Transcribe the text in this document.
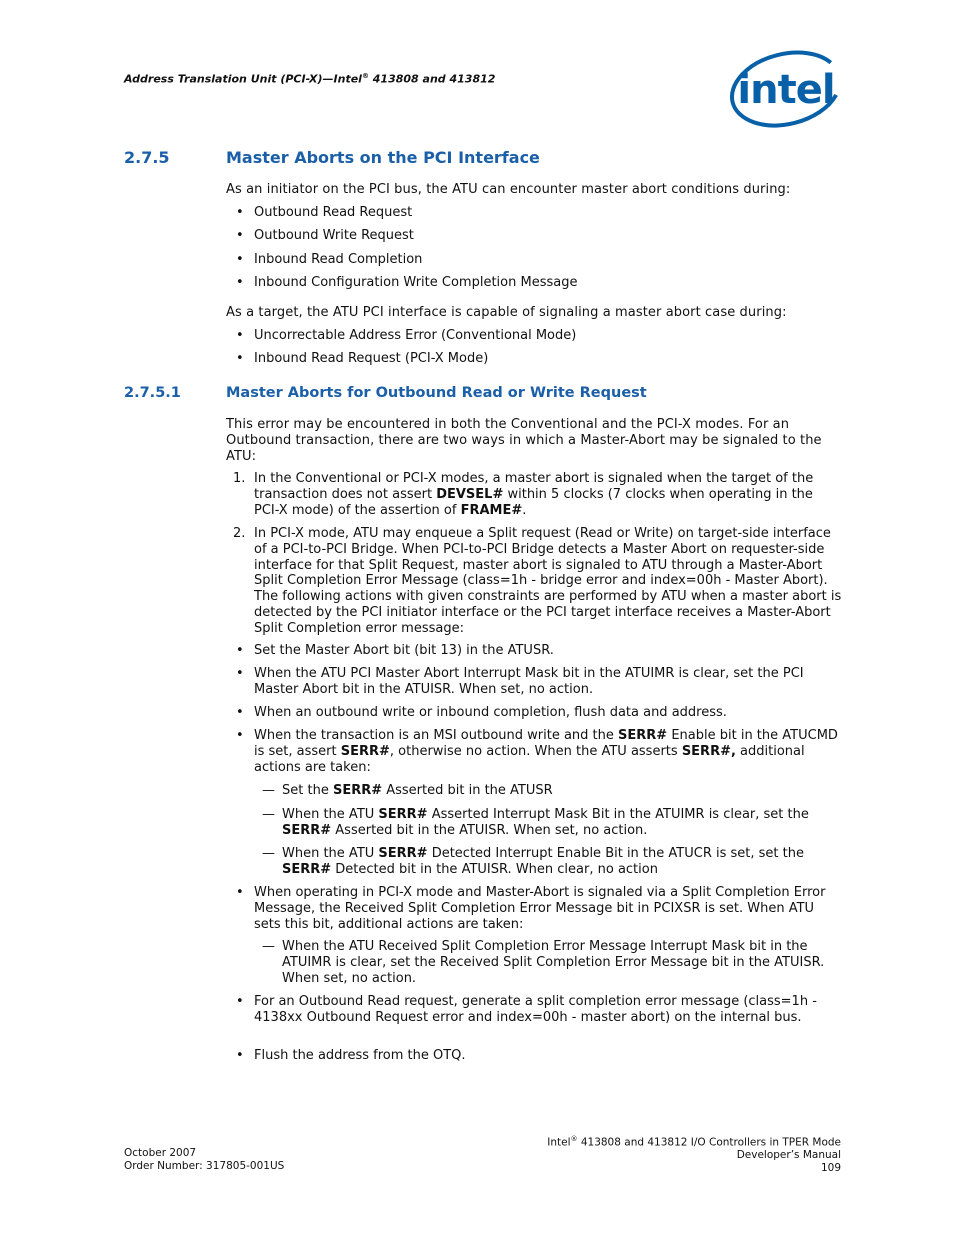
Address Translation Unit (PCI-X)—Intel® 413808 and 413812	intel
2.7.5	Master Aborts on the PCI Interface
As an initiator on the PCI bus, the ATU can encounter master abort conditions during:
• Outbound Read Request
• Outbound Write Request
• Inbound Read Completion
• Inbound Configuration Write Completion Message
As a target, the ATU PCI interface is capable of signaling a master abort case during:
• Uncorrectable Address Error (Conventional Mode)
• Inbound Read Request (PCI-X Mode)
2.7.5.1	Master Aborts for Outbound Read or Write Request
This error may be encountered in both the Conventional and the PCI-X modes. For an Outbound transaction, there are two ways in which a Master-Abort may be signaled to the ATU:
1. In the Conventional or PCI-X modes, a master abort is signaled when the target of the transaction does not assert DEVSEL# within 5 clocks (7 clocks when operating in the PCI-X mode) of the assertion of FRAME#.
2. In PCI-X mode, ATU may enqueue a Split request (Read or Write) on target-side interface of a PCI-to-PCI Bridge. When PCI-to-PCI Bridge detects a Master Abort on requester-side interface for that Split Request, master abort is signaled to ATU through a Master-Abort Split Completion Error Message (class=1h - bridge error and index=00h - Master Abort). The following actions with given constraints are performed by ATU when a master abort is detected by the PCI initiator interface or the PCI target interface receives a Master-Abort Split Completion error message:
• Set the Master Abort bit (bit 13) in the ATUSR.
• When the ATU PCI Master Abort Interrupt Mask bit in the ATUIMR is clear, set the PCI Master Abort bit in the ATUISR. When set, no action.
• When an outbound write or inbound completion, flush data and address.
• When the transaction is an MSI outbound write and the SERR# Enable bit in the ATUCMD is set, assert SERR#, otherwise no action. When the ATU asserts SERR#, additional actions are taken:
— Set the SERR# Asserted bit in the ATUSR
— When the ATU SERR# Asserted Interrupt Mask Bit in the ATUIMR is clear, set the SERR# Asserted bit in the ATUISR. When set, no action.
— When the ATU SERR# Detected Interrupt Enable Bit in the ATUCR is set, set the SERR# Detected bit in the ATUISR. When clear, no action
• When operating in PCI-X mode and Master-Abort is signaled via a Split Completion Error Message, the Received Split Completion Error Message bit in PCIXSR is set. When ATU sets this bit, additional actions are taken:
— When the ATU Received Split Completion Error Message Interrupt Mask bit in the ATUIMR is clear, set the Received Split Completion Error Message bit in the ATUISR. When set, no action.
• For an Outbound Read request, generate a split completion error message (class=1h - 4138xx Outbound Request error and index=00h - master abort) on the internal bus.
• Flush the address from the OTQ.
October 2007
Order Number: 317805-001US
Intel® 413808 and 413812 I/O Controllers in TPER Mode
Developer’s Manual
109
